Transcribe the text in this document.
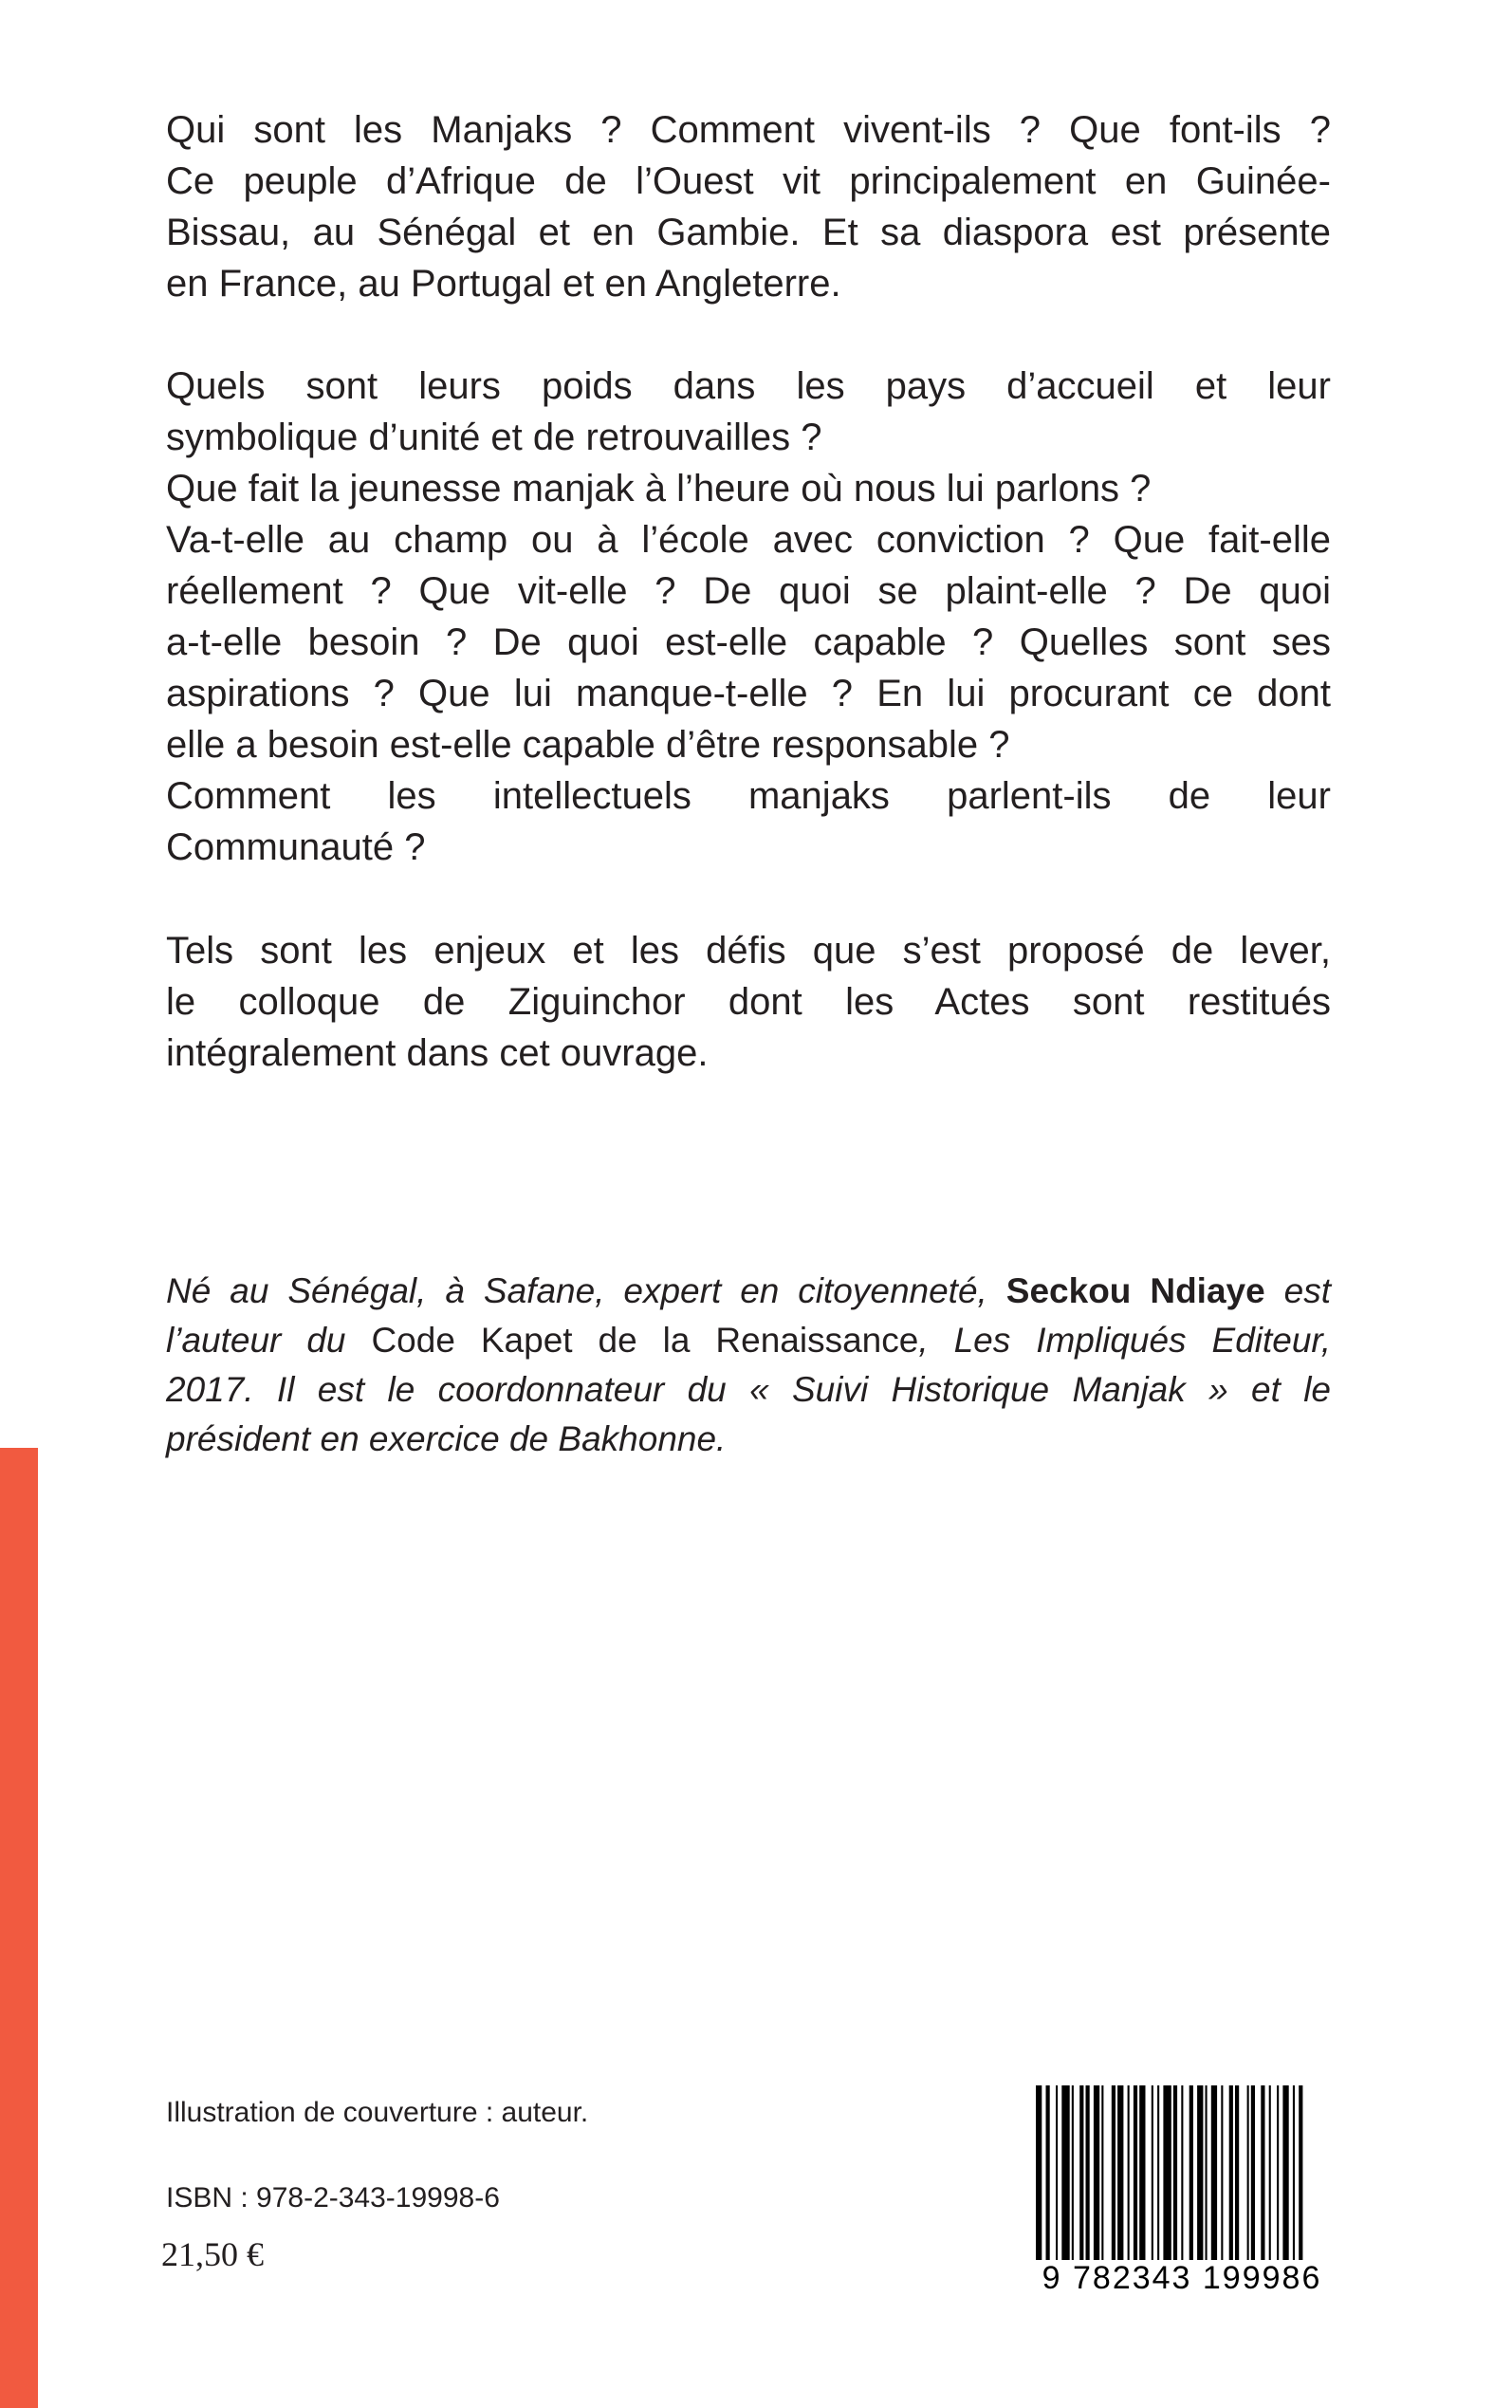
Qui sont les Manjaks ? Comment vivent-ils ? Que font-ils ?
Ce peuple d’Afrique de l’Ouest vit principalement en Guinée-
Bissau, au Sénégal et en Gambie. Et sa diaspora est présente
en France, au Portugal et en Angleterre.

Quels sont leurs poids dans les pays d’accueil et leur
symbolique d’unité et de retrouvailles ?
Que fait la jeunesse manjak à l’heure où nous lui parlons ?
Va-t-elle au champ ou à l’école avec conviction ? Que fait-elle
réellement ? Que vit-elle ? De quoi se plaint-elle ? De quoi
a-t-elle besoin ? De quoi est-elle capable ? Quelles sont ses
aspirations ? Que lui manque-t-elle ? En lui procurant ce dont
elle a besoin est-elle capable d’être responsable ?
Comment les intellectuels manjaks parlent-ils de leur
Communauté ?

Tels sont les enjeux et les défis que s’est proposé de lever,
le colloque de Ziguinchor dont les Actes sont restitués
intégralement dans cet ouvrage.

Né au Sénégal, à Safane, expert en citoyenneté, Seckou Ndiaye est
l’auteur du Code Kapet de la Renaissance, Les Impliqués Editeur,
2017. Il est le coordonnateur du « Suivi Historique Manjak » et le
président en exercice de Bakhonne.
Illustration de couverture : auteur.
ISBN : 978-2-343-19998-6
21,50 €
9 782343 199986
